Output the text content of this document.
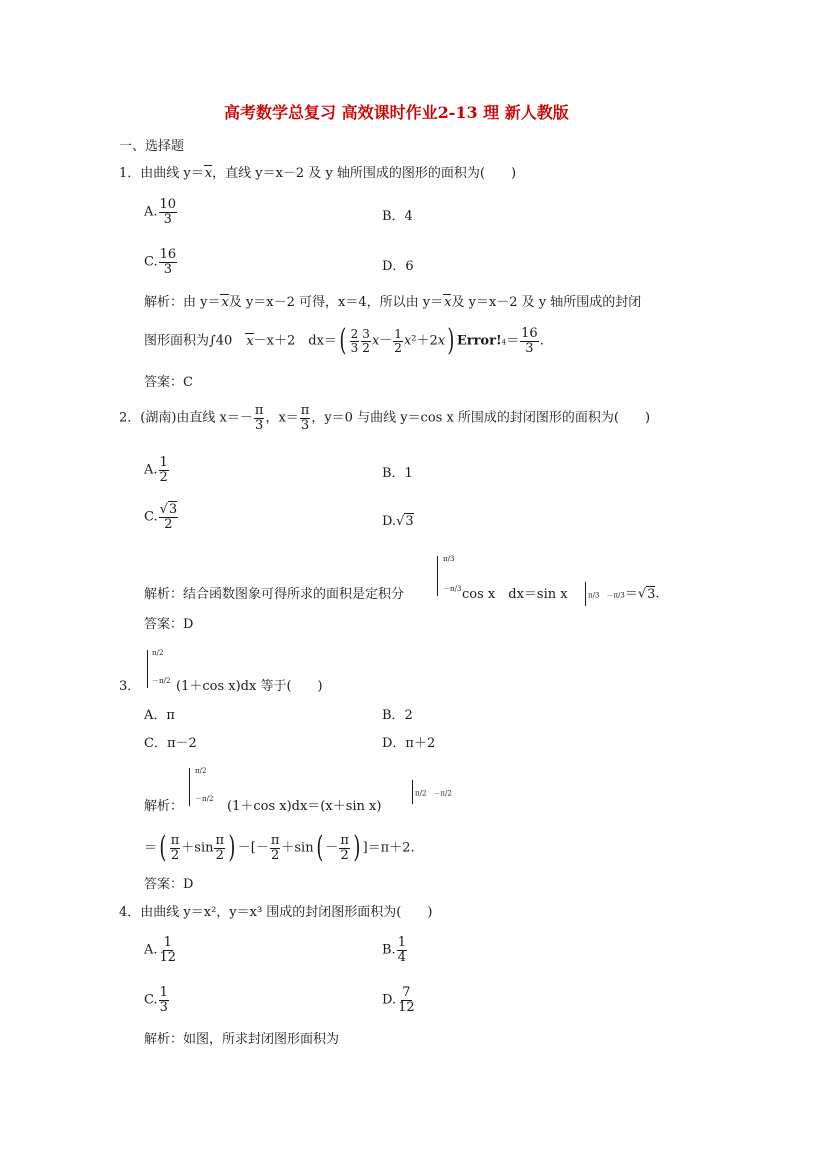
高考数学总复习 高效课时作业2-13 理 新人教版
一、选择题
1．由曲线 y＝x，直线 y＝x－2 及 y 轴所围成的图形的面积为(　　)
A. $\frac{10}{3}$	B．4
C. $\frac{16}{3}$	D．6
解析：由 y＝x及 y＝x－2 可得，x＝4，所以由 y＝x及 y＝x－2 及 y 轴所围成的封闭
图形面积为∫40　x－x＋2　$dx=( \frac{2}{3} \frac{3}{2} x- \frac{1}{2} x^2+2x)$ Error!4＝ $\frac{16}{3}$ .
答案：C
2．(湖南)由直线 $x=- \frac{\pi}{3}$ ，$x= \frac{\pi}{3}$ ，y＝0 与曲线 y＝cos x 所围成的封闭图形的面积为(　　)
A. $\frac{1}{2}$	B．1
C. $\frac{√3}{2}$	D.√3
π/3
－π/3
解析：结合函数图象可得所求的面积是定积分	cos x　dx＝sin x	π/3　－π/3＝√3.
答案：D
π/2
－π/2
3．	(1＋cos x)dx 等于(　　)
A．π	B．2
C．π－2	D．π＋2
π/2
－π/2
解析：	(1＋cos x)dx＝(x＋sin x)
π/2　－π/2
＝( $\frac{\pi}{2} +\sin \frac{\pi}{2}$ ) －[－ $\frac{\pi}{2} +\sin( - \frac{\pi}{2}$ ) ]＝π＋2.
答案：D
4．由曲线 y＝x²，y＝x³ 围成的封闭图形面积为(　　)
A. $\frac{1}{12}$	B. $\frac{1}{4}$
C. $\frac{1}{3}$	D. $\frac{7}{12}$
解析：如图，所求封闭图形面积为
